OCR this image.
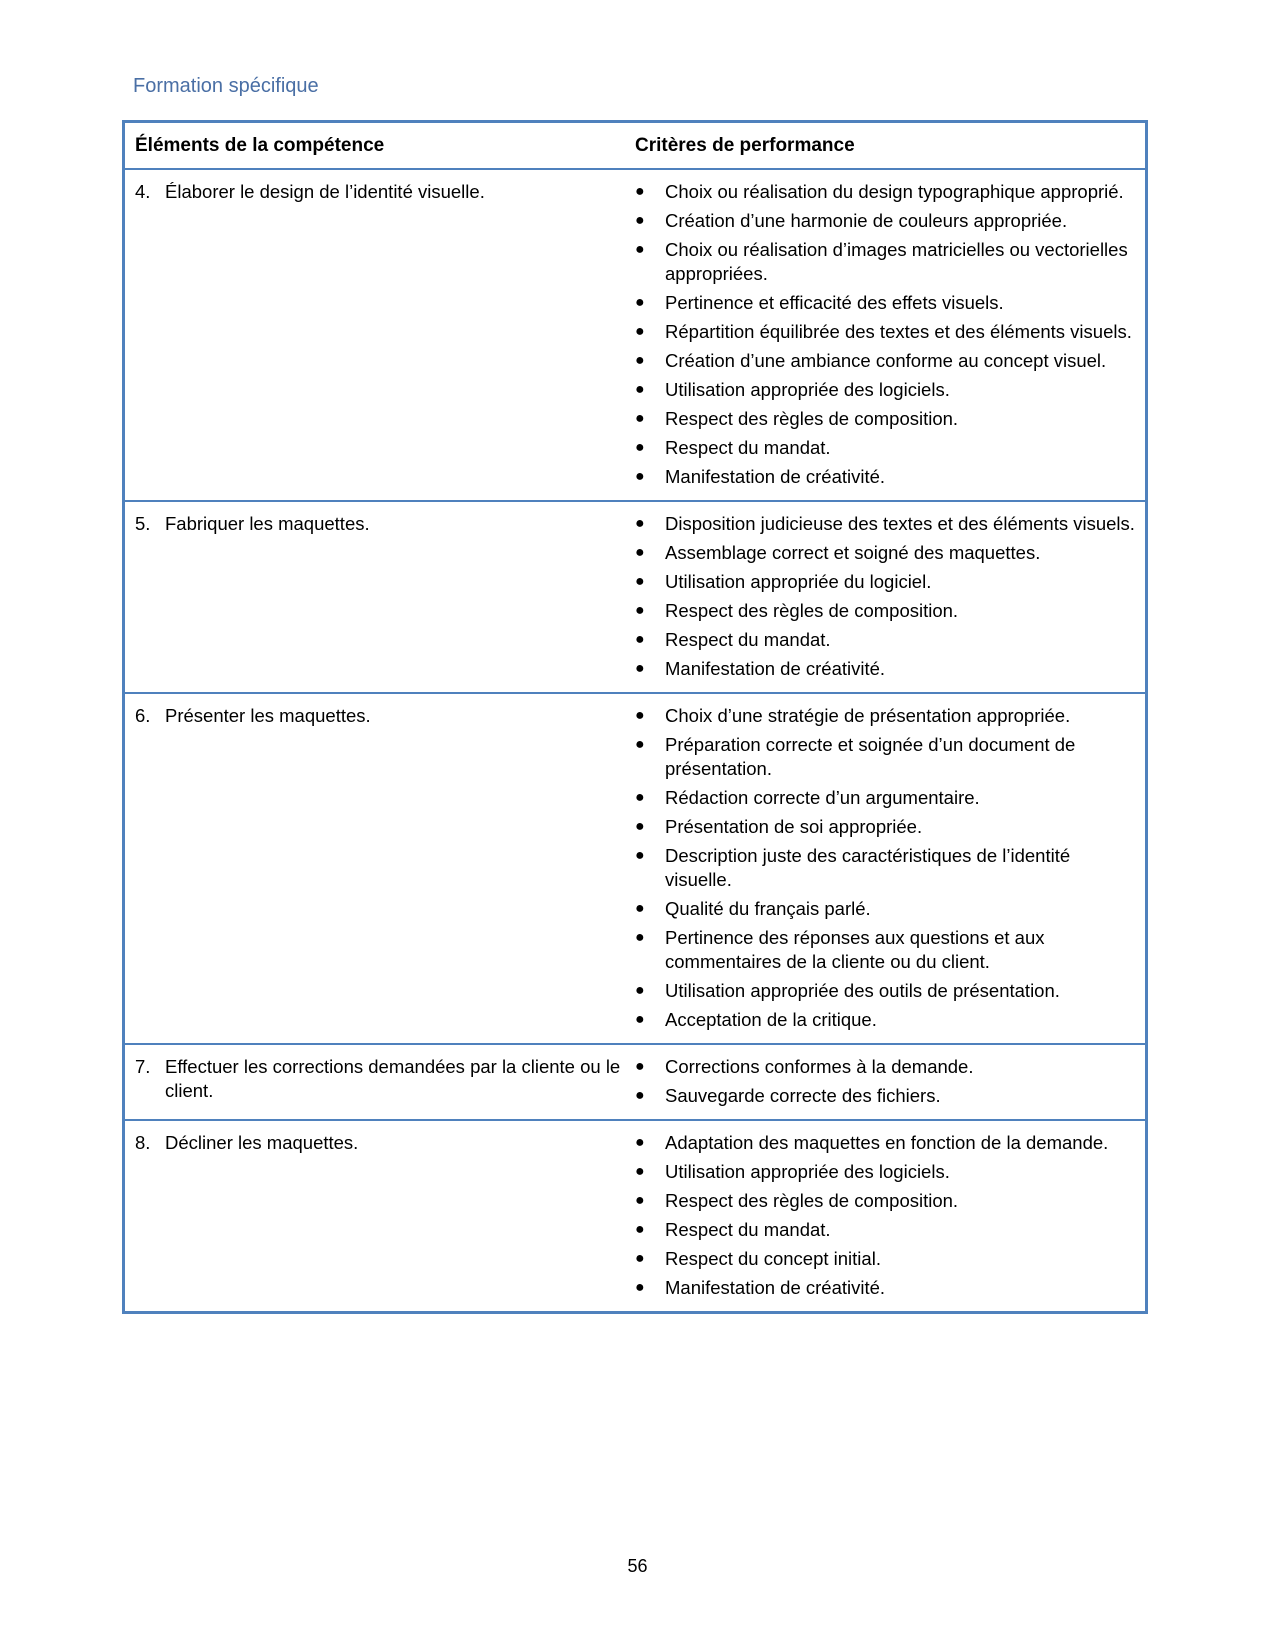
Formation spécifique
Éléments de la compétence	Critères de performance
4. Élaborer le design de l’identité visuelle.	●	Choix ou réalisation du design typographique approprié.
●	Création d’une harmonie de couleurs appropriée.
●	Choix ou réalisation d’images matricielles ou vectorielles appropriées.
●	Pertinence et efficacité des effets visuels.
●	Répartition équilibrée des textes et des éléments visuels.
●	Création d’une ambiance conforme au concept visuel.
●	Utilisation appropriée des logiciels.
●	Respect des règles de composition.
●	Respect du mandat.
●	Manifestation de créativité.
5. Fabriquer les maquettes.	●	Disposition judicieuse des textes et des éléments visuels.
●	Assemblage correct et soigné des maquettes.
●	Utilisation appropriée du logiciel.
●	Respect des règles de composition.
●	Respect du mandat.
●	Manifestation de créativité.
6. Présenter les maquettes.	●	Choix d’une stratégie de présentation appropriée.
●	Préparation correcte et soignée d’un document de présentation.
●	Rédaction correcte d’un argumentaire.
●	Présentation de soi appropriée.
●	Description juste des caractéristiques de l’identité visuelle.
●	Qualité du français parlé.
●	Pertinence des réponses aux questions et aux commentaires de la cliente ou du client.
●	Utilisation appropriée des outils de présentation.
●	Acceptation de la critique.
7. Effectuer les corrections demandées par la cliente ou le client.
●	Corrections conformes à la demande.
●	Sauvegarde correcte des fichiers.
8. Décliner les maquettes.	●	Adaptation des maquettes en fonction de la demande.
●	Utilisation appropriée des logiciels.
●	Respect des règles de composition.
●	Respect du mandat.
●	Respect du concept initial.
●	Manifestation de créativité.
56
